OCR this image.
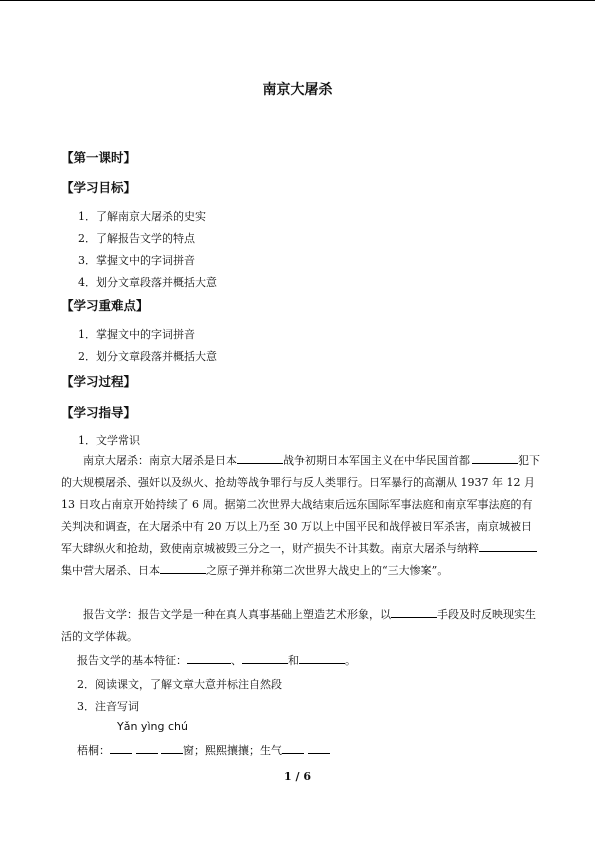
南京大屠杀
【第一课时】
【学习目标】
1．了解南京大屠杀的史实
2．了解报告文学的特点
3．掌握文中的字词拼音
4．划分文章段落并概括大意
【学习重难点】
1．掌握文中的字词拼音
2．划分文章段落并概括大意
【学习过程】
【学习指导】
1．文学常识
南京大屠杀：南京大屠杀是日本	战争初期日本军国主义在中华民国首都	犯下的大规模屠杀、强奸以及纵火、抢劫等战争罪行与反人类罪行。日军暴行的高潮从 1937 年 12 月 13 日攻占南京开始持续了 6 周。据第二次世界大战结束后远东国际军事法庭和南京军事法庭的有关判决和调查，在大屠杀中有 20 万以上乃至 30 万以上中国平民和战俘被日军杀害，南京城被日军大肆纵火和抢劫，致使南京城被毁三分之一，财产损失不计其数。南京大屠杀与纳粹集中营大屠杀、日本	之原子弹并称第二次世界大战史上的“三大惨案”。
报告文学：报告文学是一种在真人真事基础上塑造艺术形象，以	手段及时反映现实生活的文学体裁。
报告文学的基本特征：	、	和	。
2．阅读课文，了解文章大意并标注自然段
3．注音写词
Yǎn yìng chú
梧桐：	窗；熙熙攘攘；生气
1 / 6
